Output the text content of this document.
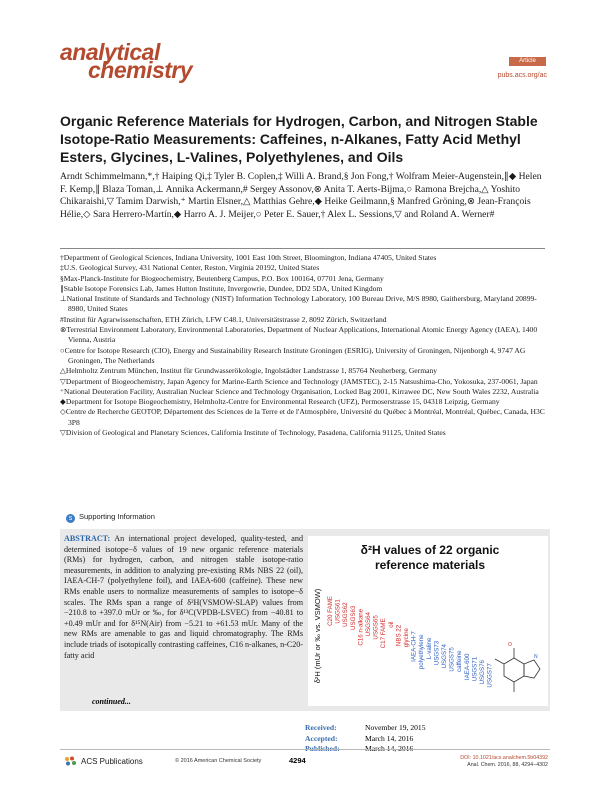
analytical
chemistry	Article
pubs.acs.org/ac
Organic Reference Materials for Hydrogen, Carbon, and Nitrogen Stable Isotope-Ratio Measurements: Caffeines, n-Alkanes, Fatty Acid Methyl Esters, Glycines, L-Valines, Polyethylenes, and Oils
Arndt Schimmelmann,*,† Haiping Qi,‡ Tyler B. Coplen,‡ Willi A. Brand,§ Jon Fong,† Wolfram Meier-Augenstein,∥◆ Helen F. Kemp,∥ Blaza Toman,⊥ Annika Ackermann,# Sergey Assonov,⊗ Anita T. Aerts-Bijma,○ Ramona Brejcha,△ Yoshito Chikaraishi,▽ Tamim Darwish,⁺ Martin Elsner,△ Matthias Gehre,◆ Heike Geilmann,§ Manfred Gröning,⊗ Jean-François Hélie,◇ Sara Herrero-Martín,◆ Harro A. J. Meijer,○ Peter E. Sauer,† Alex L. Sessions,▽ and Roland A. Werner#
†Department of Geological Sciences, Indiana University, 1001 East 10th Street, Bloomington, Indiana 47405, United States
‡U.S. Geological Survey, 431 National Center, Reston, Virginia 20192, United States
§Max-Planck-Institute for Biogeochemistry, Beutenberg Campus, P.O. Box 100164, 07701 Jena, Germany
∥Stable Isotope Forensics Lab, James Hutton Institute, Invergowrie, Dundee, DD2 5DA, United Kingdom
⊥National Institute of Standards and Technology (NIST) Information Technology Laboratory, 100 Bureau Drive, M/S 8980, Gaithersburg, Maryland 20899-8980, United States
#Institut für Agrarwissenschaften, ETH Zürich, LFW C48.1, Universitätstrasse 2, 8092 Zürich, Switzerland
⊗Terrestrial Environment Laboratory, Environmental Laboratories, Department of Nuclear Applications, International Atomic Energy Agency (IAEA), 1400 Vienna, Austria
○Centre for Isotope Research (CIO), Energy and Sustainability Research Institute Groningen (ESRIG), University of Groningen, Nijenborgh 4, 9747 AG Groningen, The Netherlands
△Helmholtz Zentrum München, Institut für Grundwasserökologie, Ingolstädter Landstrasse 1, 85764 Neuherberg, Germany
▽Department of Biogeochemistry, Japan Agency for Marine-Earth Science and Technology (JAMSTEC), 2-15 Natsushima-Cho, Yokosuka, 237-0061, Japan
⁺National Deuteration Facility, Australian Nuclear Science and Technology Organisation, Locked Bag 2001, Kirrawee DC, New South Wales 2232, Australia
◆Department for Isotope Biogeochemistry, Helmholtz-Centre for Environmental Research (UFZ), Permoserstrasse 15, 04318 Leipzig, Germany
◇Centre de Recherche GEOTOP, Département des Sciences de la Terre et de l'Atmosphère, Université du Québec à Montréal, Montréal, Québec, Canada, H3C 3P8
▽Division of Geological and Planetary Sciences, California Institute of Technology, Pasadena, California 91125, United States
s Supporting Information
ABSTRACT: An international project developed, quality-tested, and determined isotope−δ values of 19 new organic reference materials (RMs) for hydrogen, carbon, and nitrogen stable isotope-ratio measurements, in addition to analyzing pre-existing RMs NBS 22 (oil), IAEA-CH-7 (polyethylene foil), and IAEA-600 (caffeine). These new RMs enable users to normalize measurements of samples to isotope−δ scales. The RMs span a range of δ²H(VSMOW-SLAP) values from −210.8 to +397.0 mUr or ‰, for δ¹³C(VPDB-LSVEC) from −40.81 to +0.49 mUr and for δ¹⁵N(Air) from −5.21 to +61.53 mUr. Many of the new RMs are amenable to gas and liquid chromatography. The RMs include triads of isotopically contrasting caffeines, C16 n-alkanes, n-C20-fatty acid
continued...
δ²H values of 22 organic
reference materials
δ²H (mUr or ‰ vs. VSMOW) C20 FAME USGS61 USGS62 USGS63 C16 n-alkane USGS64 USGS65 C17 FAME oil
NBS 22 glycine IAEA-CH-7 polyethylene L-valine USGS73 USGS74 USGS75 caffeine IAEA-600 USGS71 USGS76 USGS77
N
O
Received:	November 19, 2015
Accepted:	March 14, 2016
ACS Publications	© 2016 American Chemical Society	4294	DOI: 10.1021/acs.analchem.5b04392
Anal. Chem. 2016, 88, 4294−4302
